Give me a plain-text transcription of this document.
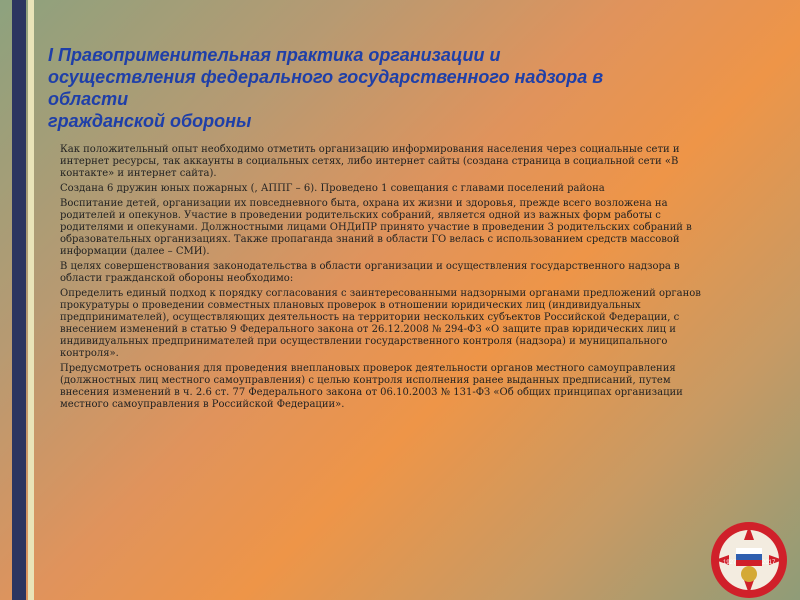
I Правоприменительная практика организации и
осуществления федерального государственного надзора в
области
гражданской обороны

Как положительный опыт необходимо отметить организацию информирования населения через социальные сети и интернет ресурсы, так аккаунты в социальных сетях, либо интернет сайты (создана страница в социальной сети «В контакте» и интернет сайта).

Создана 6 дружин юных пожарных (, АППГ – 6). Проведено 1 совещания с главами поселений района

Воспитание детей, организации их повседневного быта, охрана их жизни и здоровья, прежде всего возложена на родителей и опекунов. Участие в проведении родительских собраний, является одной из важных форм работы с родителями и опекунами. Должностными лицами ОНДиПР принято участие в проведении 3 родительских собраний в образовательных организациях. Также пропаганда знаний в области ГО велась с использованием средств массовой информации (далее – СМИ).

В целях совершенствования законодательства в области организации и осуществления государственного надзора в области гражданской обороны необходимо:

Определить единый подход к порядку согласования с заинтересованными надзорными органами предложений органов прокуратуры о проведении совместных плановых проверок в отношении юридических лиц (индивидуальных предпринимателей), осуществляющих деятельность на территории нескольких субъектов Российской Федерации, с внесением изменений в статью 9 Федерального закона от 26.12.2008 № 294-ФЗ «О защите прав юридических лиц и индивидуальных предпринимателей при осуществлении государственного контроля (надзора) и муниципального контроля».

Предусмотреть основания для проведения внеплановых проверок деятельности органов местного самоуправления (должностных лиц местного самоуправления) с целью контроля исполнения ранее выданных предписаний, путем внесения изменений в ч. 2.6 ст. 77 Федерального закона от 06.10.2003 № 131-ФЗ «Об общих принципах организации местного самоуправления в Российской Федерации».

1927	2017
